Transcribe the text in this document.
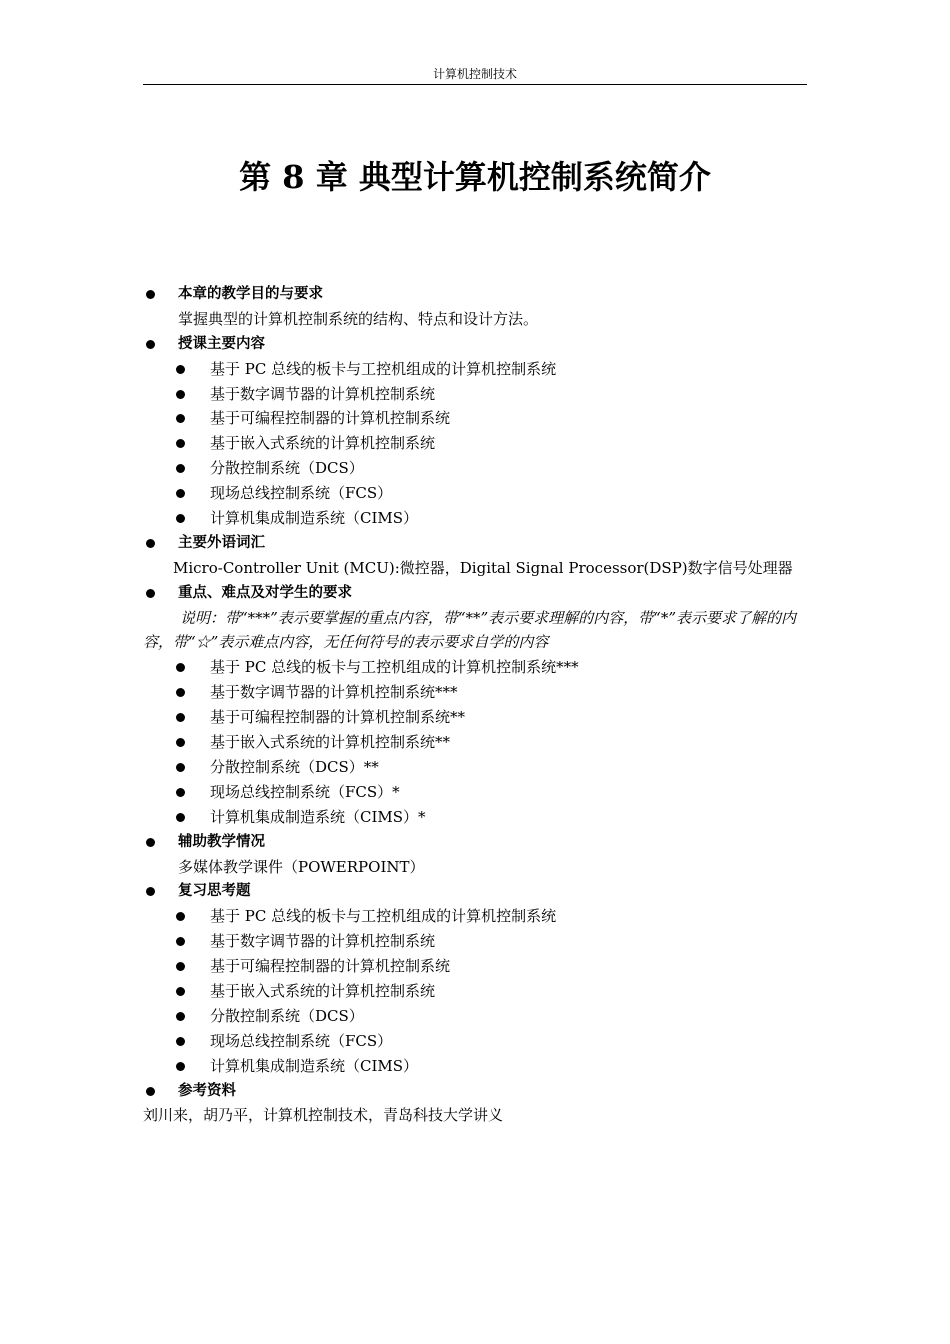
计算机控制技术
第 8 章 典型计算机控制系统简介
本章的教学目的与要求
掌握典型的计算机控制系统的结构、特点和设计方法。
授课主要内容
基于 PC 总线的板卡与工控机组成的计算机控制系统
基于数字调节器的计算机控制系统
基于可编程控制器的计算机控制系统
基于嵌入式系统的计算机控制系统
分散控制系统（DCS）
现场总线控制系统（FCS）
计算机集成制造系统（CIMS）
主要外语词汇
Micro-Controller Unit (MCU):微控器，Digital Signal Processor(DSP)数字信号处理器
重点、难点及对学生的要求
说明：带“***”表示要掌握的重点内容，带“**”表示要求理解的内容，带“*”表示要求了解的内容，带“☆”表示难点内容，无任何符号的表示要求自学的内容
基于 PC 总线的板卡与工控机组成的计算机控制系统***
基于数字调节器的计算机控制系统***
基于可编程控制器的计算机控制系统**
基于嵌入式系统的计算机控制系统**
分散控制系统（DCS）**
现场总线控制系统（FCS）*
计算机集成制造系统（CIMS）*
辅助教学情况
多媒体教学课件（POWERPOINT）
复习思考题
基于 PC 总线的板卡与工控机组成的计算机控制系统
基于数字调节器的计算机控制系统
基于可编程控制器的计算机控制系统
基于嵌入式系统的计算机控制系统
分散控制系统（DCS）
现场总线控制系统（FCS）
计算机集成制造系统（CIMS）
参考资料
刘川来，胡乃平，计算机控制技术，青岛科技大学讲义
